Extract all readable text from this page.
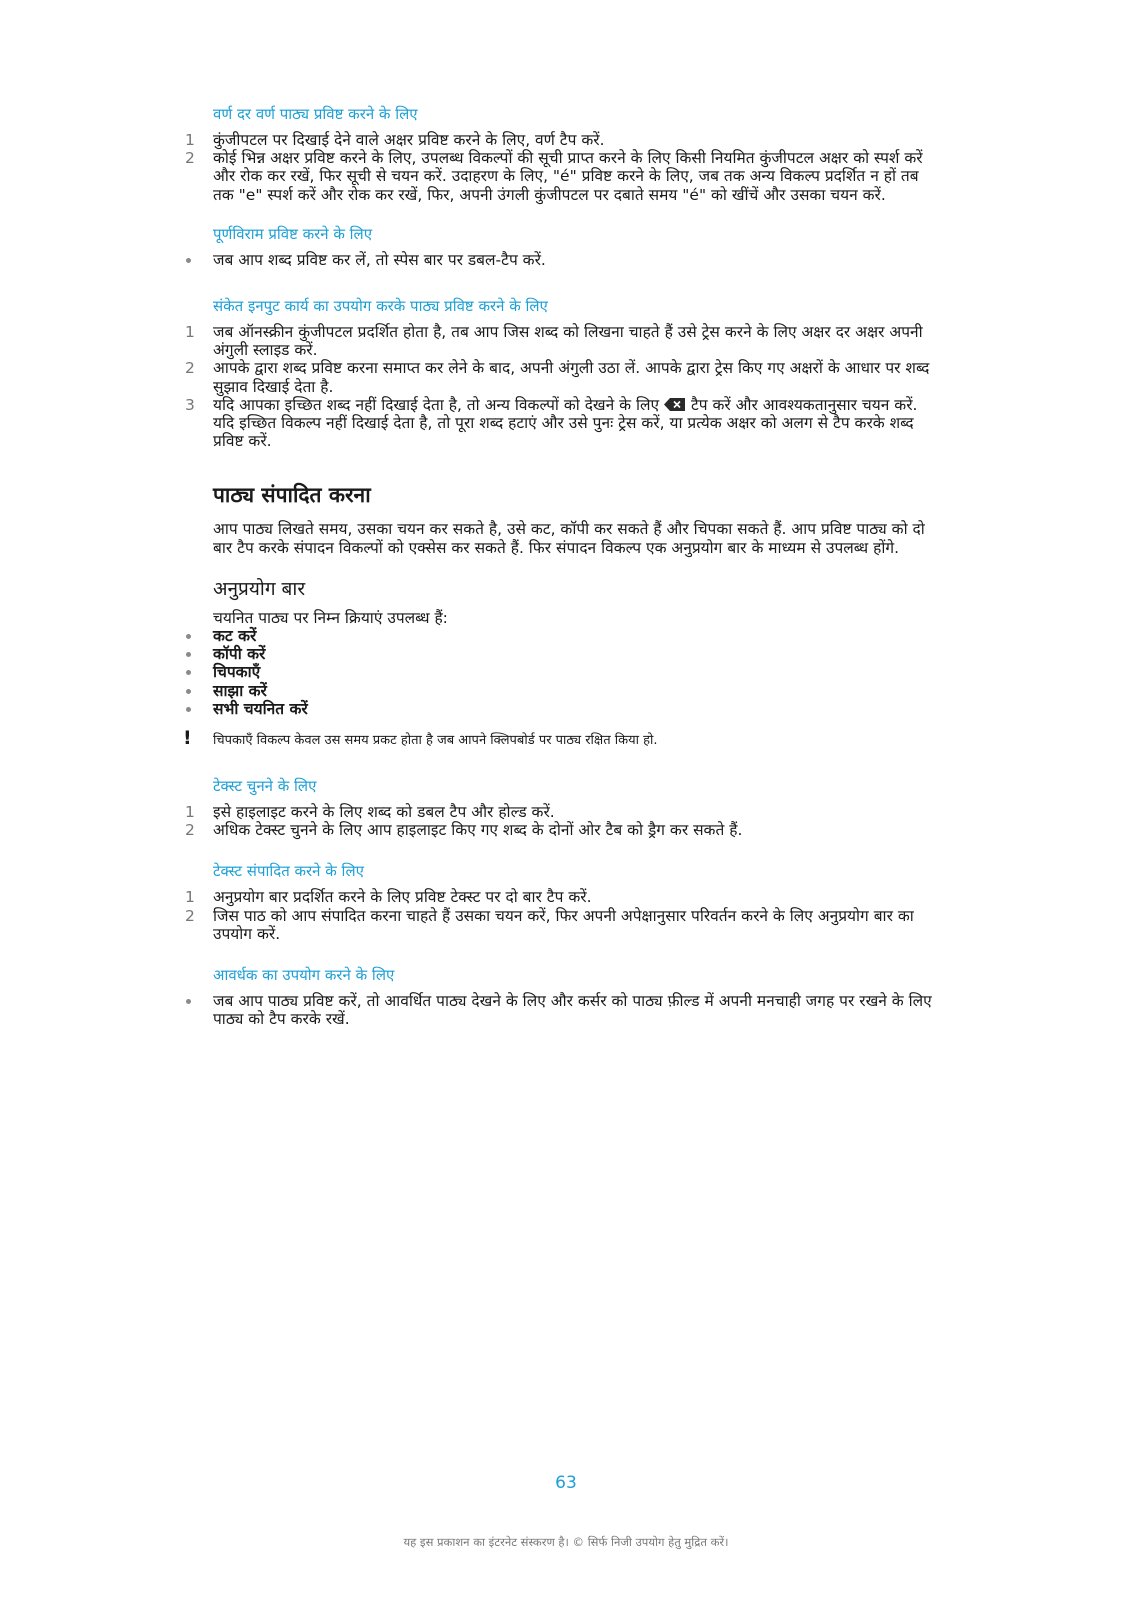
वर्ण दर वर्ण पाठ्य प्रविष्ट करने के लिए
1 कुंजीपटल पर दिखाई देने वाले अक्षर प्रविष्ट करने के लिए, वर्ण टैप करें.
2 कोई भिन्न अक्षर प्रविष्ट करने के लिए, उपलब्ध विकल्पों की सूची प्राप्त करने के लिए किसी नियमित कुंजीपटल अक्षर को स्पर्श करें और रोक कर रखें, फिर सूची से चयन करें. उदाहरण के लिए, "é" प्रविष्ट करने के लिए, जब तक अन्य विकल्प प्रदर्शित न हों तब तक "e" स्पर्श करें और रोक कर रखें, फिर, अपनी उंगली कुंजीपटल पर दबाते समय "é" को खींचें और उसका चयन करें.
पूर्णविराम प्रविष्ट करने के लिए
जब आप शब्द प्रविष्ट कर लें, तो स्पेस बार पर डबल-टैप करें.
संकेत इनपुट कार्य का उपयोग करके पाठ्य प्रविष्ट करने के लिए
1 जब ऑनस्क्रीन कुंजीपटल प्रदर्शित होता है, तब आप जिस शब्द को लिखना चाहते हैं उसे ट्रेस करने के लिए अक्षर दर अक्षर अपनी अंगुली स्लाइड करें.
2 आपके द्वारा शब्द प्रविष्ट करना समाप्त कर लेने के बाद, अपनी अंगुली उठा लें. आपके द्वारा ट्रेस किए गए अक्षरों के आधार पर शब्द सुझाव दिखाई देता है.
3 यदि आपका इच्छित शब्द नहीं दिखाई देता है, तो अन्य विकल्पों को देखने के लिए टैप करें और आवश्यकतानुसार चयन करें. यदि इच्छित विकल्प नहीं दिखाई देता है, तो पूरा शब्द हटाएं और उसे पुनः ट्रेस करें, या प्रत्येक अक्षर को अलग से टैप करके शब्द प्रविष्ट करें.
पाठ्य संपादित करना

आप पाठ्य लिखते समय, उसका चयन कर सकते है, उसे कट, कॉपी कर सकते हैं और चिपका सकते हैं. आप प्रविष्ट पाठ्य को दो बार टैप करके संपादन विकल्पों को एक्सेस कर सकते हैं. फिर संपादन विकल्प एक अनुप्रयोग बार के माध्यम से उपलब्ध होंगे.

अनुप्रयोग बार

चयनित पाठ्य पर निम्न क्रियाएं उपलब्ध हैं:

कट करें
कॉपी करें
चिपकाएँ
साझा करें
सभी चयनित करें
! चिपकाएँ विकल्प केवल उस समय प्रकट होता है जब आपने क्लिपबोर्ड पर पाठ्य रक्षित किया हो.
टेक्स्ट चुनने के लिए
1 इसे हाइलाइट करने के लिए शब्द को डबल टैप और होल्ड करें.
2 अधिक टेक्स्ट चुनने के लिए आप हाइलाइट किए गए शब्द के दोनों ओर टैब को ड्रैग कर सकते हैं.
टेक्स्ट संपादित करने के लिए
1 अनुप्रयोग बार प्रदर्शित करने के लिए प्रविष्ट टेक्स्ट पर दो बार टैप करें.
2 जिस पाठ को आप संपादित करना चाहते हैं उसका चयन करें, फिर अपनी अपेक्षानुसार परिवर्तन करने के लिए अनुप्रयोग बार का उपयोग करें.
आवर्धक का उपयोग करने के लिए
जब आप पाठ्य प्रविष्ट करें, तो आवर्धित पाठ्य देखने के लिए और कर्सर को पाठ्य फ़ील्ड में अपनी मनचाही जगह पर रखने के लिए पाठ्य को टैप करके रखें.
63
यह इस प्रकाशन का इंटरनेट संस्करण है। © सिर्फ निजी उपयोग हेतु मुद्रित करें।
